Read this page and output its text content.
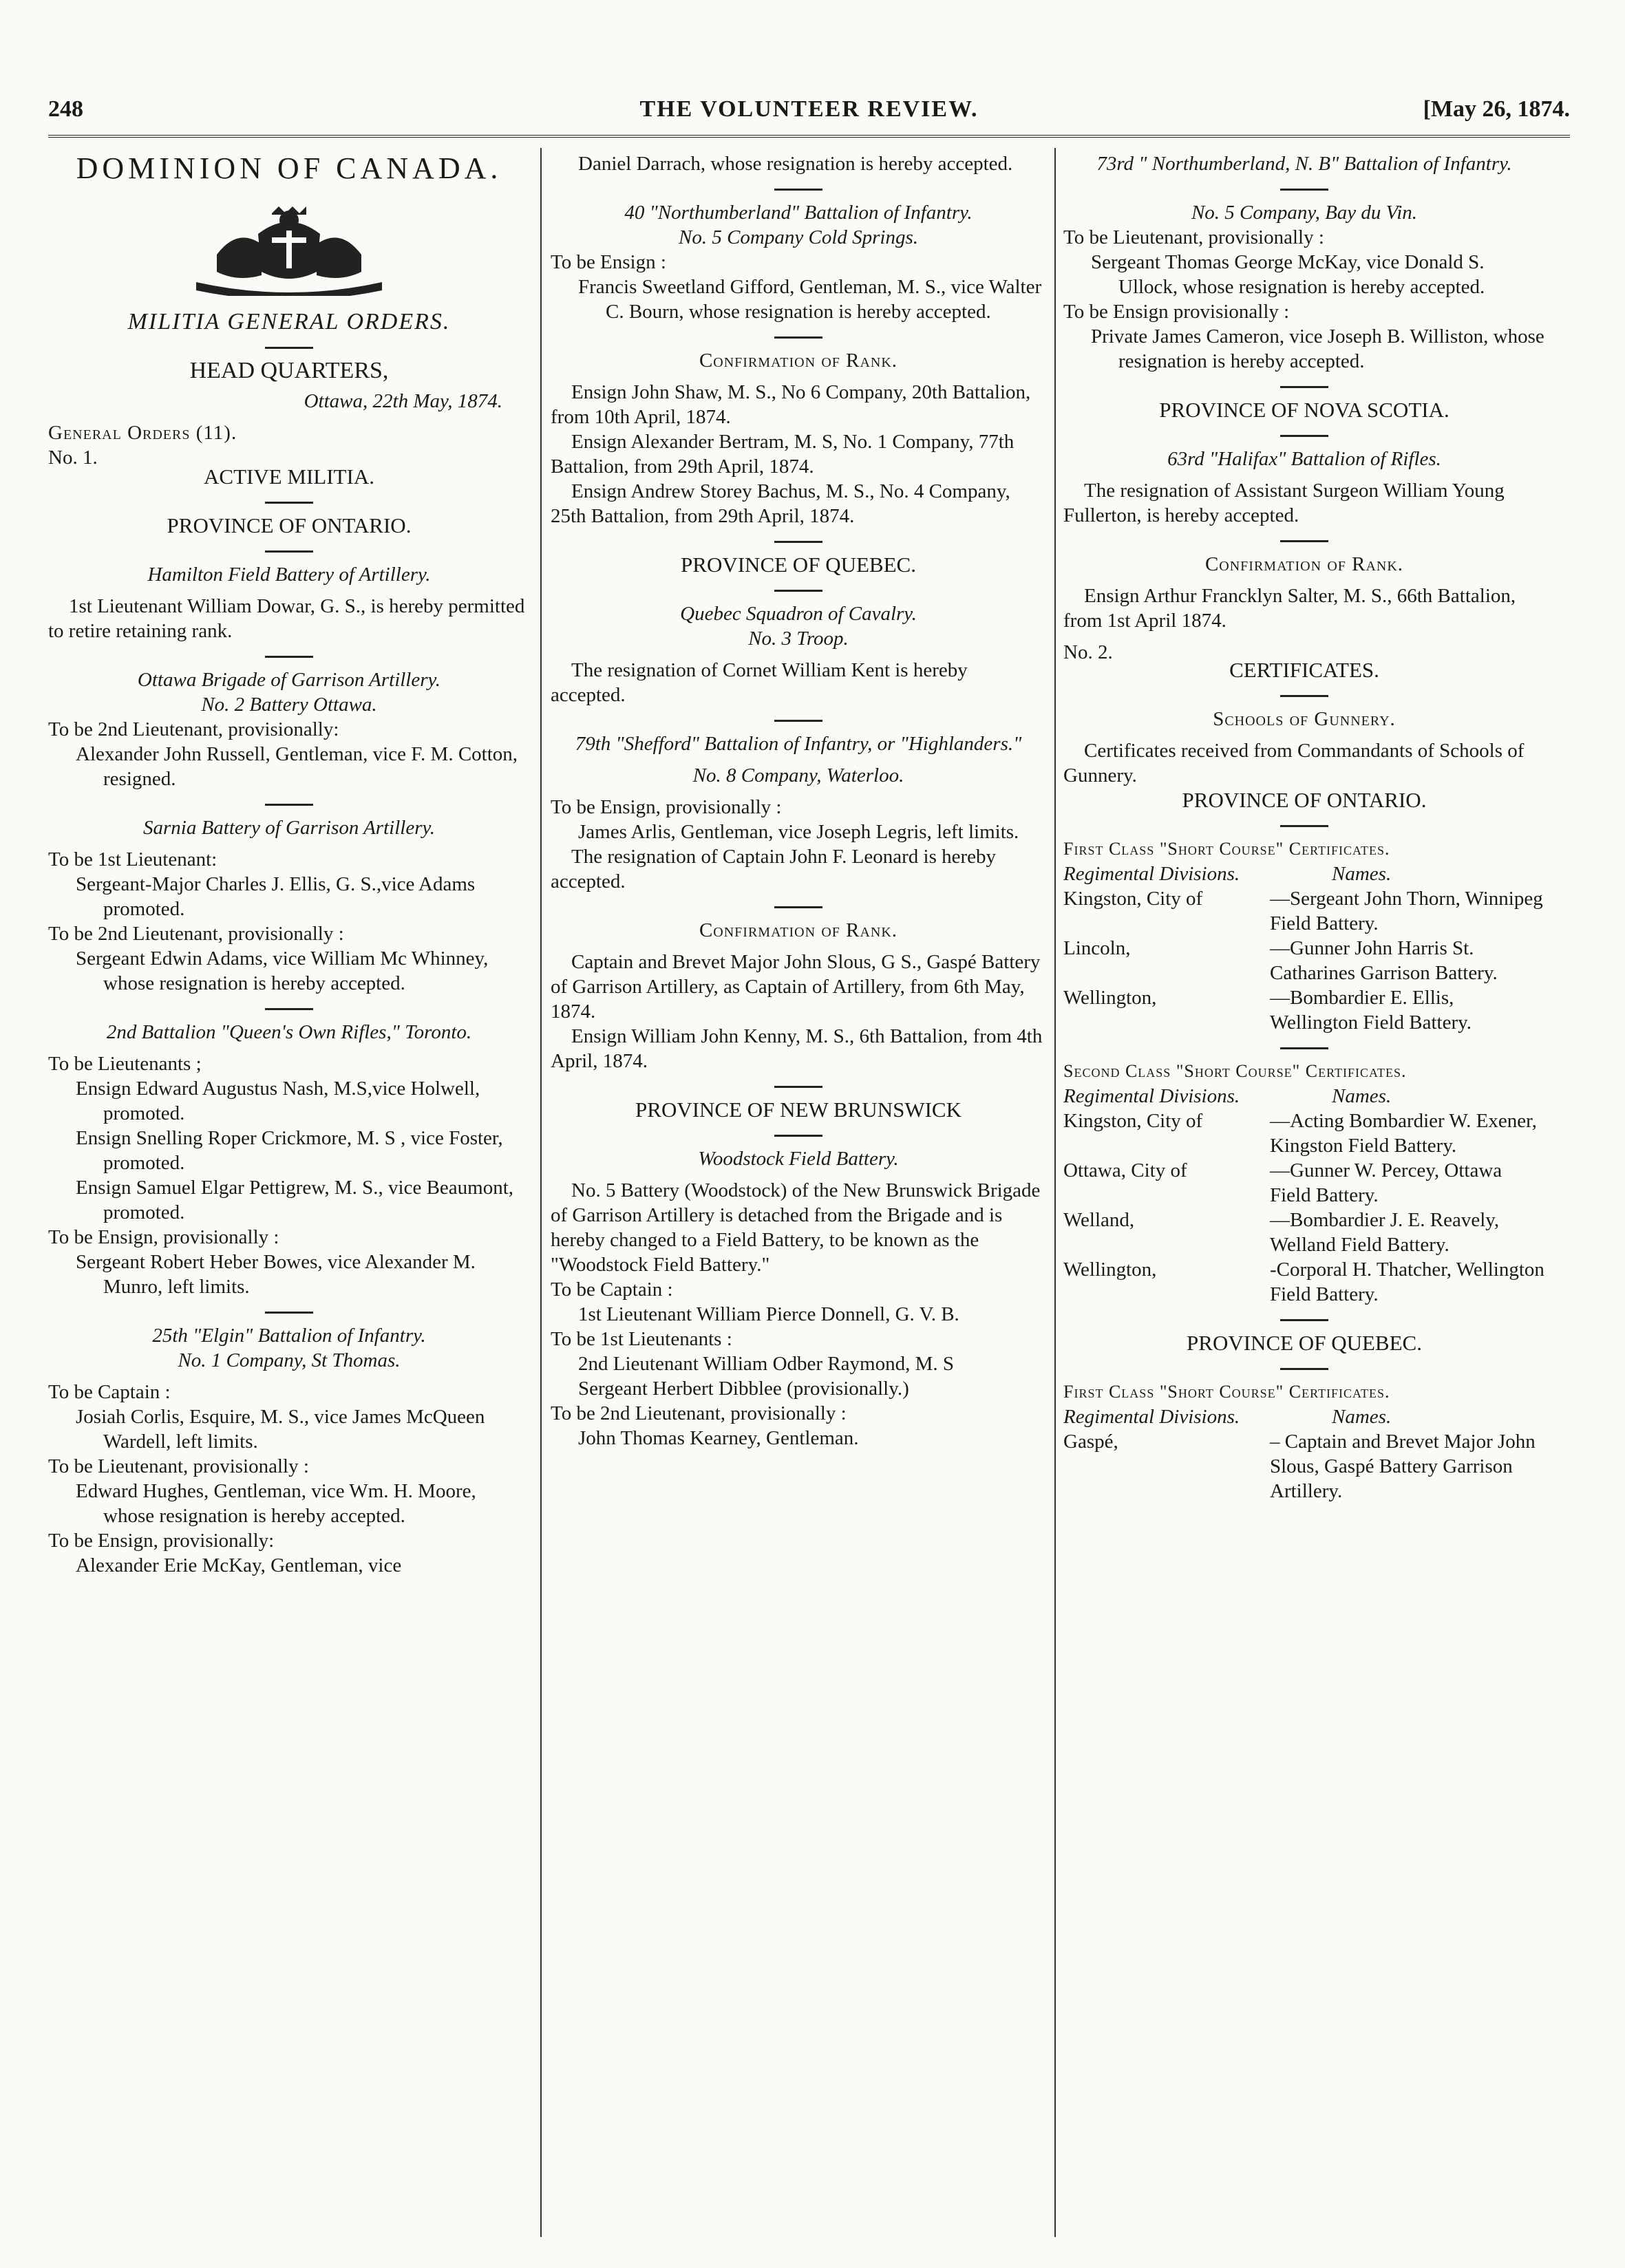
248	THE VOLUNTEER REVIEW.	[May 26, 1874.

DOMINION OF CANADA.

MILITIA GENERAL ORDERS.

HEAD QUARTERS,

Ottawa, 22th May, 1874.

General Orders (11).

No. 1.

ACTIVE MILITIA.

PROVINCE OF ONTARIO.

Hamilton Field Battery of Artillery.

1st Lieutenant William Dowar, G. S., is hereby permitted to retire retaining rank.

Ottawa Brigade of Garrison Artillery.

No. 2 Battery Ottawa.

To be 2nd Lieutenant, provisionally:

Alexander John Russell, Gentleman, vice F. M. Cotton, resigned.

Sarnia Battery of Garrison Artillery.

To be 1st Lieutenant:

Sergeant-Major Charles J. Ellis, G. S.,vice Adams promoted.

To be 2nd Lieutenant, provisionally :

Sergeant Edwin Adams, vice William Mc Whinney, whose resignation is hereby accepted.

2nd Battalion "Queen's Own Rifles," Toronto.

To be Lieutenants ;

Ensign Edward Augustus Nash, M.S,vice Holwell, promoted.

Ensign Snelling Roper Crickmore, M. S , vice Foster, promoted.

Ensign Samuel Elgar Pettigrew, M. S., vice Beaumont, promoted.

To be Ensign, provisionally :

Sergeant Robert Heber Bowes, vice Alexander M. Munro, left limits.

25th "Elgin" Battalion of Infantry.

No. 1 Company, St Thomas.

To be Captain :

Josiah Corlis, Esquire, M. S., vice James McQueen Wardell, left limits.

To be Lieutenant, provisionally :

Edward Hughes, Gentleman, vice Wm. H. Moore, whose resignation is hereby accepted.

To be Ensign, provisionally:

Alexander Erie McKay, Gentleman, vice

Daniel Darrach, whose resignation is hereby accepted.

40 "Northumberland" Battalion of Infantry.

No. 5 Company Cold Springs.

To be Ensign :

Francis Sweetland Gifford, Gentleman, M. S., vice Walter C. Bourn, whose resignation is hereby accepted.

Confirmation of Rank.

Ensign John Shaw, M. S., No 6 Company, 20th Battalion, from 10th April, 1874.

Ensign Alexander Bertram, M. S, No. 1 Company, 77th Battalion, from 29th April, 1874.

Ensign Andrew Storey Bachus, M. S., No. 4 Company, 25th Battalion, from 29th April, 1874.

PROVINCE OF QUEBEC.

Quebec Squadron of Cavalry.

No. 3 Troop.

The resignation of Cornet William Kent is hereby accepted.

79th "Shefford" Battalion of Infantry, or "Highlanders."

No. 8 Company, Waterloo.

To be Ensign, provisionally :

James Arlis, Gentleman, vice Joseph Legris, left limits.

The resignation of Captain John F. Leonard is hereby accepted.

Confirmation of Rank.

Captain and Brevet Major John Slous, G S., Gaspé Battery of Garrison Artillery, as Captain of Artillery, from 6th May, 1874.

Ensign William John Kenny, M. S., 6th Battalion, from 4th April, 1874.

PROVINCE OF NEW BRUNSWICK

Woodstock Field Battery.

No. 5 Battery (Woodstock) of the New Brunswick Brigade of Garrison Artillery is detached from the Brigade and is hereby changed to a Field Battery, to be known as the "Woodstock Field Battery."

To be Captain :

1st Lieutenant William Pierce Donnell, G. V. B.

To be 1st Lieutenants :

2nd Lieutenant William Odber Raymond, M. S

Sergeant Herbert Dibblee (provisionally.)

To be 2nd Lieutenant, provisionally :

John Thomas Kearney, Gentleman.

73rd " Northumberland, N. B" Battalion of Infantry.

No. 5 Company, Bay du Vin.

To be Lieutenant, provisionally :

Sergeant Thomas George McKay, vice Donald S. Ullock, whose resignation is hereby accepted.

To be Ensign provisionally :

Private James Cameron, vice Joseph B. Williston, whose resignation is hereby accepted.

PROVINCE OF NOVA SCOTIA.

63rd "Halifax" Battalion of Rifles.

The resignation of Assistant Surgeon William Young Fullerton, is hereby accepted.

Confirmation of Rank.

Ensign Arthur Francklyn Salter, M. S., 66th Battalion, from 1st April 1874.

No. 2.

CERTIFICATES.

Schools of Gunnery.

Certificates received from Commandants of Schools of Gunnery.

PROVINCE OF ONTARIO.

First Class "Short Course" Certificates.

Regimental Divisions.	Names.
Kingston, City of	—Sergeant John Thorn, Winnipeg Field Battery.
Lincoln,	—Gunner John Harris St. Catharines Garrison Battery.
Wellington,	—Bombardier E. Ellis, Wellington Field Battery.

Second Class "Short Course" Certificates.

Regimental Divisions.	Names.
Kingston, City of	—Acting Bombardier W. Exener, Kingston Field Battery.
Ottawa, City of	—Gunner W. Percey, Ottawa Field Battery.
Welland,	—Bombardier J. E. Reavely, Welland Field Battery.
Wellington,	-Corporal H. Thatcher, Wellington Field Battery.

PROVINCE OF QUEBEC.

First Class "Short Course" Certificates.

Regimental Divisions.	Names.
Gaspé,	– Captain and Brevet Major John Slous, Gaspé Battery Garrison Artillery.
